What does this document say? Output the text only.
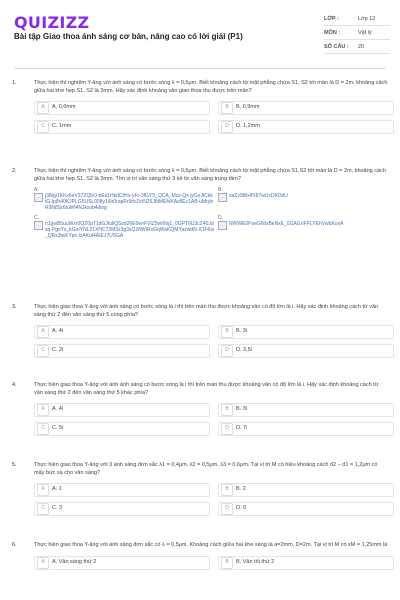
QUIZIZZ
Bài tập Giao thoa ánh sáng cơ bản, nâng cao có lời giải (P1)
LỚP :	Lớp 12
MÔN :	Vật lý
SỐ CÂU :	20
1.	Thực hiện thí nghiệm Y-âng với ánh sáng có bước sóng λ = 0,6μm. Biết khoảng cách từ mặt phẳng chứa S1, S2 tới màn là D = 2m, khoảng cách giữa hai khe hẹp S1, S2 là 3mm. Hãy xác định khoảng vân giao thoa thu được trên màn?
A	A. 0,6mm	B	B. 0,9mm
C	C. 1mm	D	D. 1,2mm
2.	Thực hiện thí nghiệm Y-âng với ánh sáng có bước sóng λ = 0,6μm. Biết khoảng cách từ mặt phẳng chứa S1,S2 tới màn là D = 2m, khoảng cách giữa hai khe hẹp S1, S2 là 3mm. Tìm vị trí vân sáng thứ 3 kể từ vân sáng trung tâm?
A.
▫	j38qy1KKx6eV37ZQbO-bEs1HkdCtHo-yFr-3fGY5_QCA_Mzz-Qx-jyGsJtCkktG-lp8r40KJPLG5USL008y1i9r0rapRr9rbJVrN26J8tMEfvKAv8Ec1AB-uMrybR9N8Sr6tuWl4NJksvb4dwg
B.
▫	saZv9BtxlfX87wUcDKDdU
C.
▫	n1gwB5uuWxr0QZ6pT1dGJtullQSsd26E0enFVIZ5wI6tq1_0GPT6U3cZ40Jdsq-PgsYx_kGoIYNL21XHC72M3z3g3sQ28WIRvGqWaKQMYazwdN-X1F6w_QRx3lwKYpn-lzAKul4AIEJ7USGA
D.
▫	NWWE0PoeGNIxBeNxE_0l1AGrIFFLYEhVwbKoxA
3.	Thực hiện giao thoa Y-âng với ánh sáng có bước sóng là i thì trên màn thu được khoảng vân có độ lớn là i. Hãy xác định khoảng cách từ vân sáng thứ 2 đến vân sáng thứ 5 cùng phía?
A	A. 4i	B	B. 3i
C	C. 2i	D	D. 3,5i
4.	Thực hiện giao thoa Y-âng với ánh ánh sáng có bước sóng là i thì trên màn thu được khoảng vân có độ lớn là i. Hãy xác định khoảng cách từ vân sáng thứ 2 đến vân sáng thứ 5 khác phía?
A	A. 4i	B	B. 3i
C	C. 5i	D	D. 7i
5.	Thực hiện giao thoa Y-âng với 3 ánh sáng đơn sắc λ1 = 0,4μm, λ2 = 0,5μm, λ3 = 0,6μm. Tại vị trí M có hiệu khoảng cách d2 − d1 = 1,2μm có mấy bức xạ cho vân sáng?
A	A. 1	B	B. 2
C	C. 3	D	D. 0
6.	Thực hiện giao thoa Y-âng với ánh sáng đơn sắc có λ = 0,5μm. Khoảng cách giữa hai khe sáng là a=2mm, D=2m. Tại vị trí M có xM = 1,25mm là
A	A. Vân sáng thứ 2	B	B. Vân tối thứ 2
